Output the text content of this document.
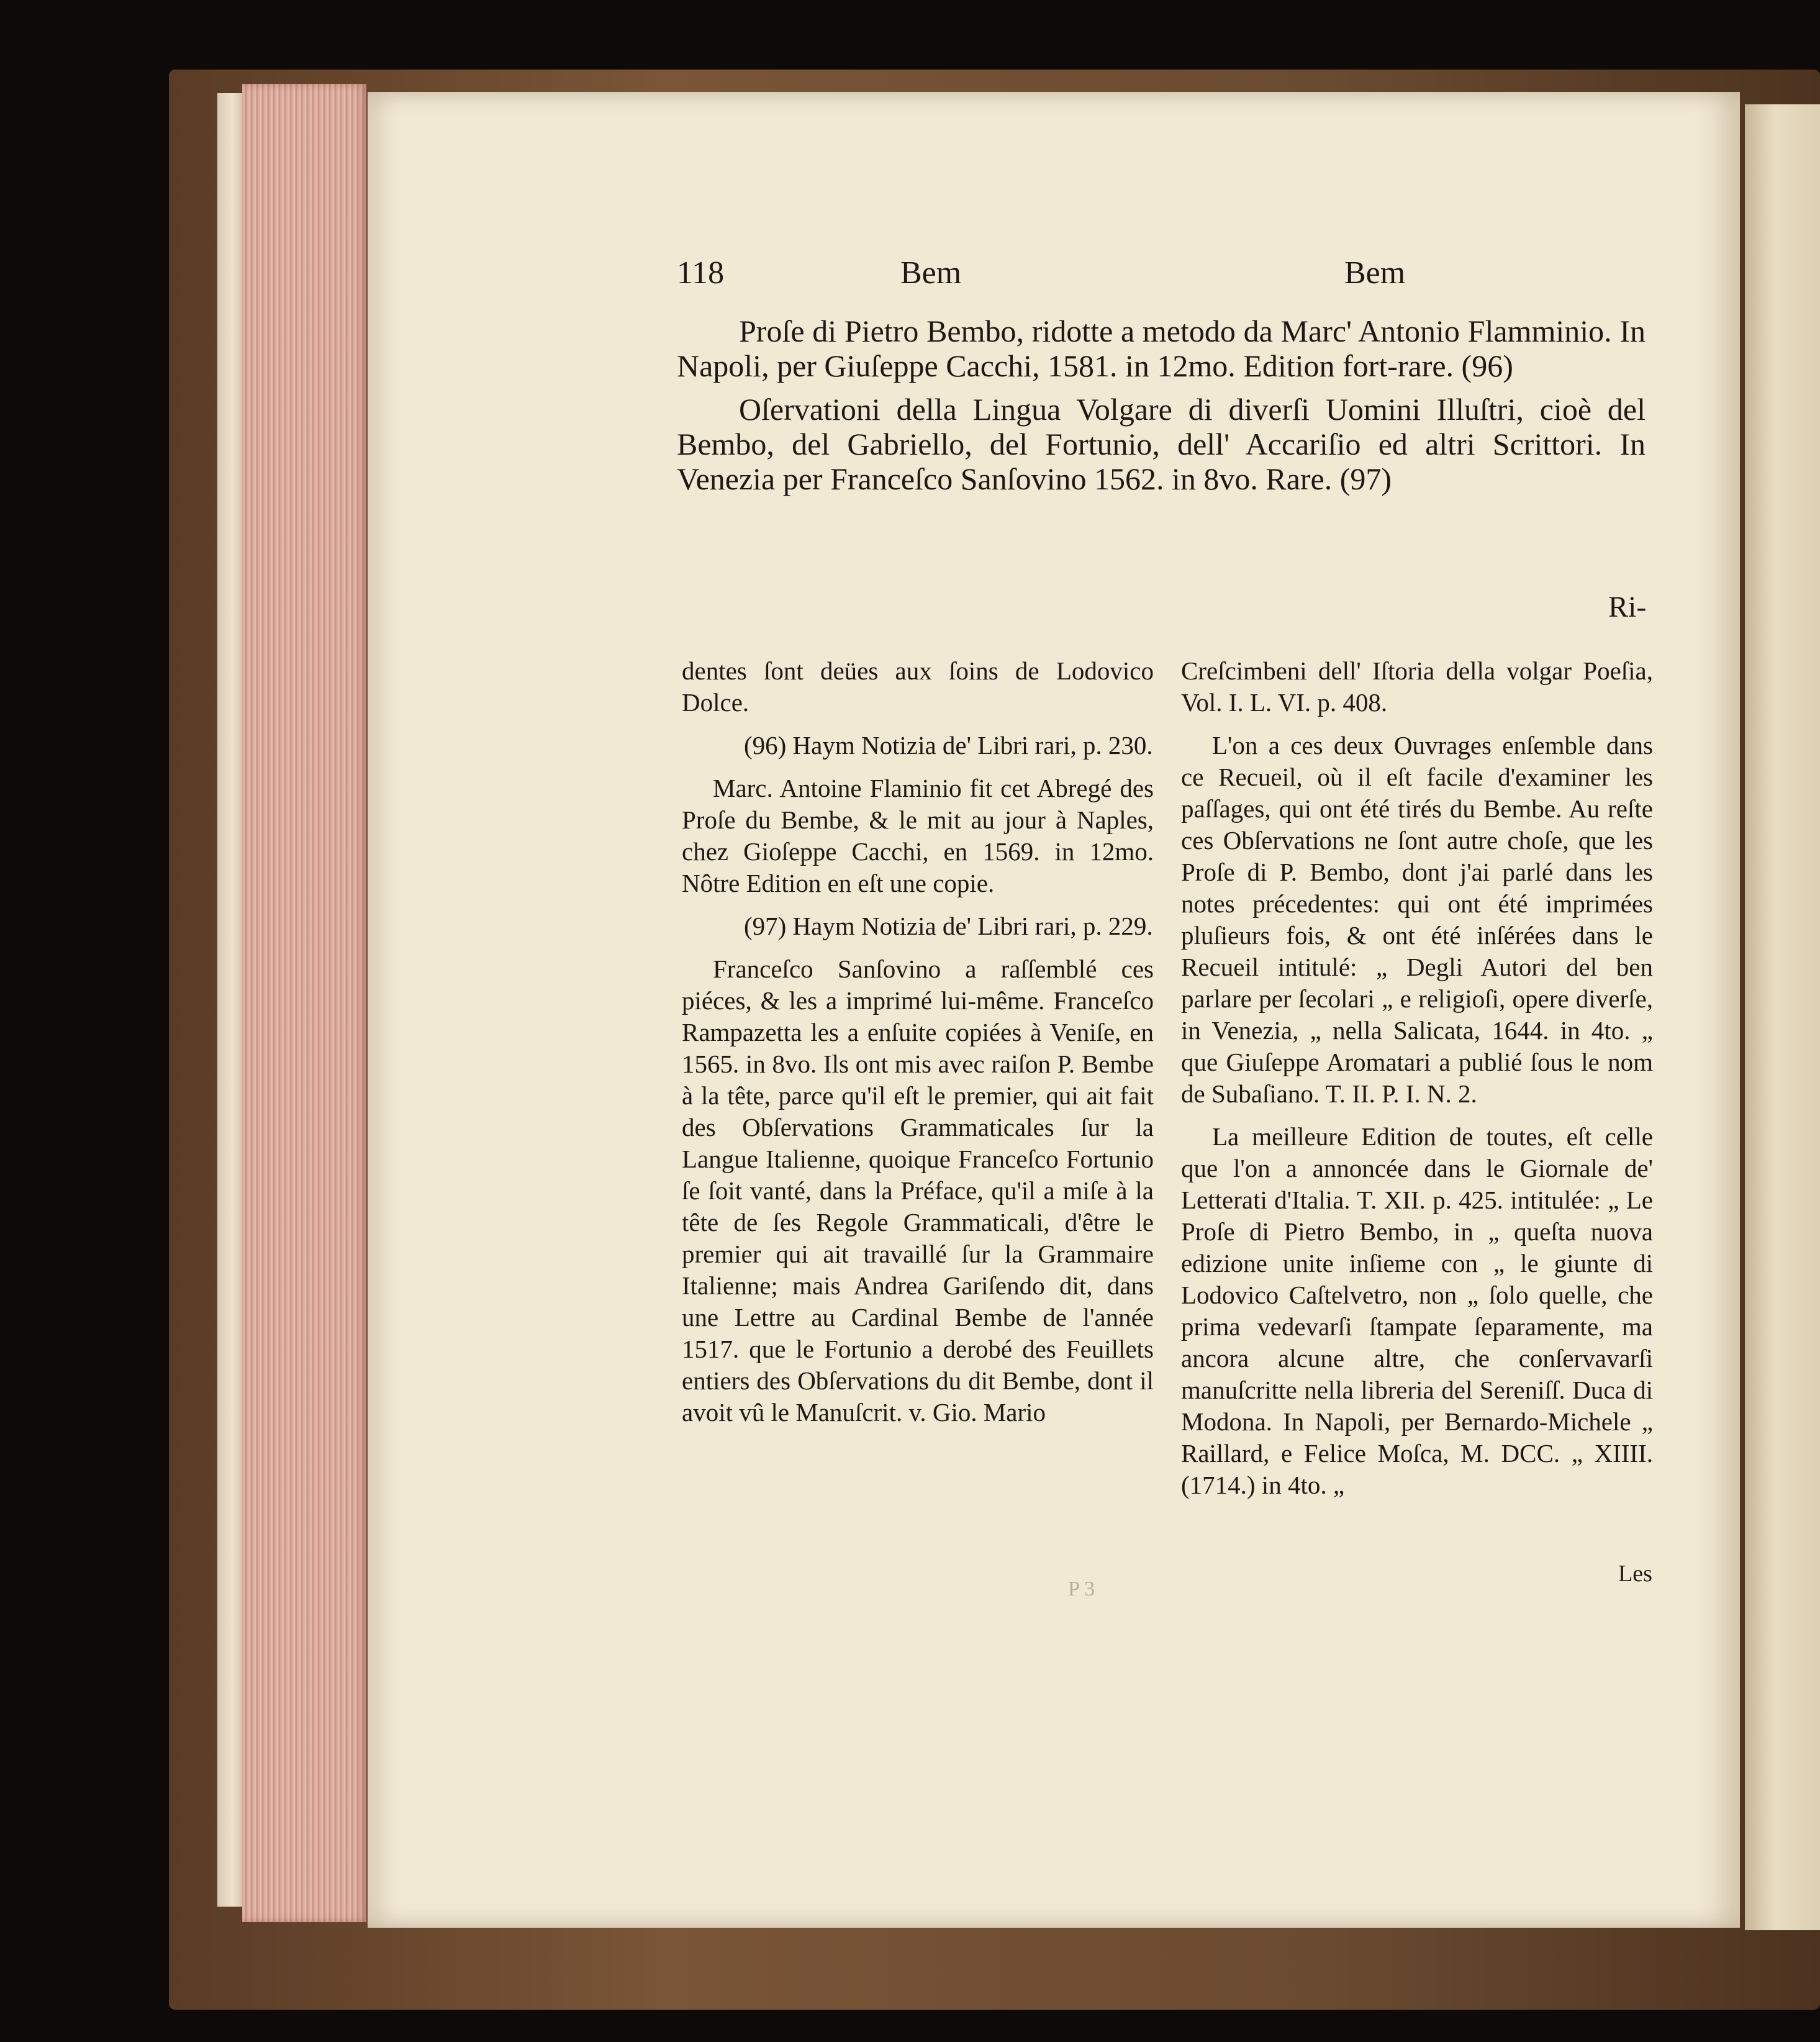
118	Bem	Bem

Proſe di Pietro Bembo, ridotte a metodo da Marc' Antonio Flamminio. In Napoli, per Giuſeppe Cacchi, 1581. in 12mo. Edition fort-rare. (96)

Oſervationi della Lingua Volgare di diverſi Uomini Illuſtri, cioè del Bembo, del Gabriello, del Fortunio, dell' Accariſio ed altri Scrittori. In Venezia per Franceſco Sanſovino 1562. in 8vo. Rare. (97)

Ri-

dentes ſont deües aux ſoins de Lodovico Dolce.

(96) Haym Notizia de' Libri rari, p. 230.

Marc. Antoine Flaminio fit cet Abregé des Proſe du Bembe, & le mit au jour à Naples, chez Gioſeppe Cacchi, en 1569. in 12mo. Nôtre Edition en eſt une copie.

(97) Haym Notizia de' Libri rari, p. 229.

Franceſco Sanſovino a raſſemblé ces piéces, & les a imprimé lui-même. Franceſco Rampazetta les a enſuite copiées à Veniſe, en 1565. in 8vo. Ils ont mis avec raiſon P. Bembe à la tête, parce qu'il eſt le premier, qui ait fait des Obſervations Grammaticales ſur la Langue Italienne, quoique Franceſco Fortunio ſe ſoit vanté, dans la Préface, qu'il a miſe à la tête de ſes Regole Grammaticali, d'être le premier qui ait travaillé ſur la Grammaire Italienne; mais Andrea Gariſendo dit, dans une Lettre au Cardinal Bembe de l'année 1517. que le Fortunio a derobé des Feuillets entiers des Obſervations du dit Bembe, dont il avoit vû le Manuſcrit. v. Gio. Mario

Creſcimbeni dell' Iſtoria della volgar Poeſia, Vol. I. L. VI. p. 408.

L'on a ces deux Ouvrages enſemble dans ce Recueil, où il eſt facile d'examiner les paſſages, qui ont été tirés du Bembe. Au reſte ces Obſervations ne ſont autre choſe, que les Proſe di P. Bembo, dont j'ai parlé dans les notes précedentes: qui ont été imprimées pluſieurs fois, & ont été inſérées dans le Recueil intitulé: „ Degli Autori del ben parlare per ſecolari „ e religioſi, opere diverſe, in Venezia, „ nella Salicata, 1644. in 4to. „ que Giuſeppe Aromatari a publié ſous le nom de Subaſiano. T. II. P. I. N. 2.

La meilleure Edition de toutes, eſt celle que l'on a annoncée dans le Giornale de' Letterati d'Italia. T. XII. p. 425. intitulée: „ Le Proſe di Pietro Bembo, in „ queſta nuova edizione unite inſieme con „ le giunte di Lodovico Caſtelvetro, non „ ſolo quelle, che prima vedevarſi ſtampate ſeparamente, ma ancora alcune altre, che conſervavarſi manuſcritte nella libreria del Sereniſſ. Duca di Modona. In Napoli, per Bernardo-Michele „ Raillard, e Felice Moſca, M. DCC. „ XIIII. (1714.) in 4to. „

P 3
Les
